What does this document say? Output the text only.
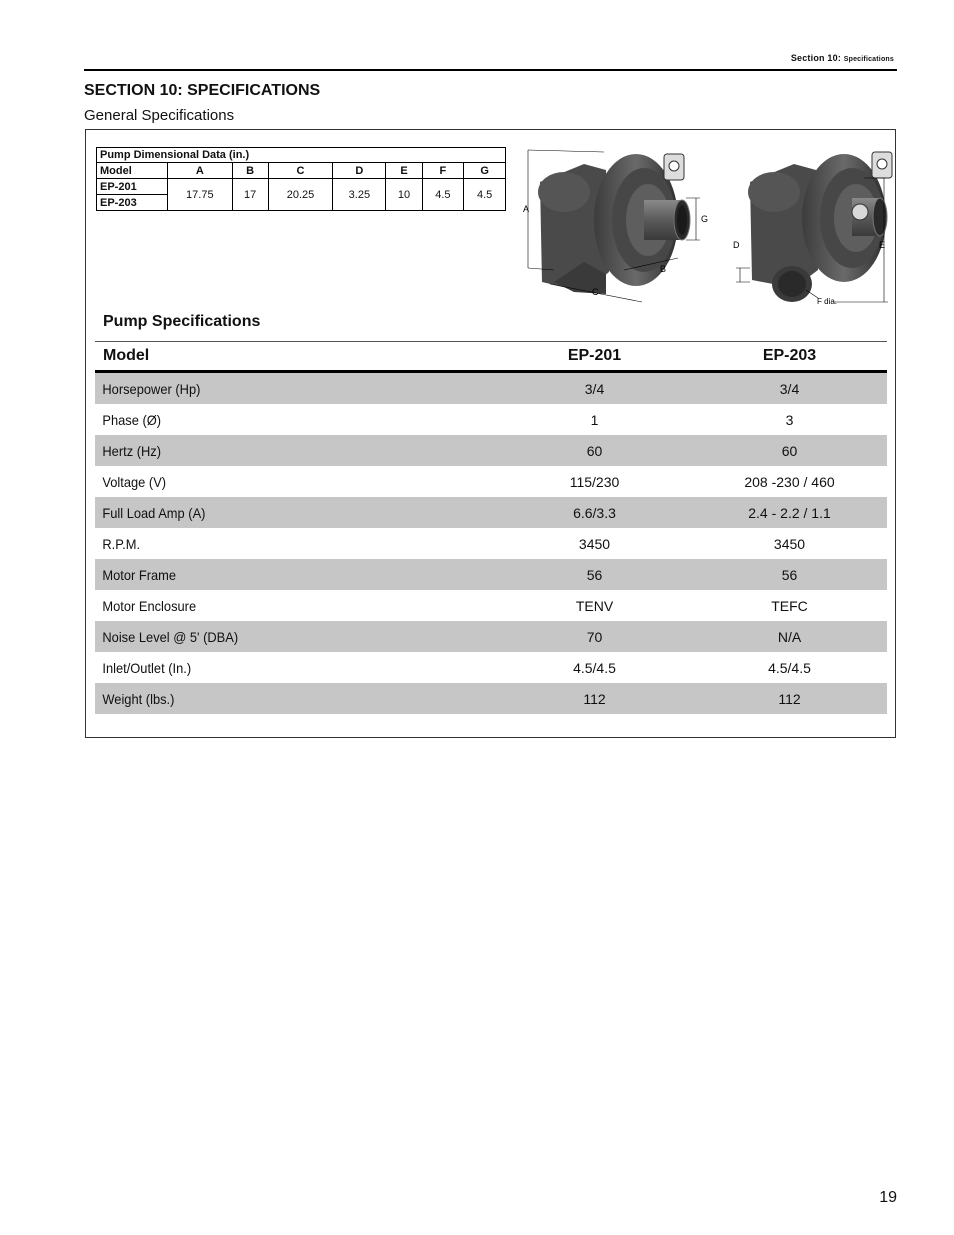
Section 10: Specifications
SECTION 10: SPECIFICATIONS
General Specifications
Pump Dimensional Data (in.)							
Model	A	B	C	D	E	F	G
EP-201	17.75	17	20.25	3.25	10	4.5	4.5
EP-203							
A
G
B
C
D	E
F dia.
Pump Specifications
Model	EP-201	EP-203
Horsepower (Hp)	3/4	3/4
Phase (Ø)	1	3
Hertz (Hz)	60	60
Voltage (V)	115/230	208 -230 / 460
Full Load Amp (A)	6.6/3.3	2.4 - 2.2 / 1.1
R.P.M.	3450	3450
Motor Frame	56	56
Motor Enclosure	TENV	TEFC
Noise Level @ 5' (DBA)	70	N/A
Inlet/Outlet (In.)	4.5/4.5	4.5/4.5
Weight (lbs.)	112	112
19
